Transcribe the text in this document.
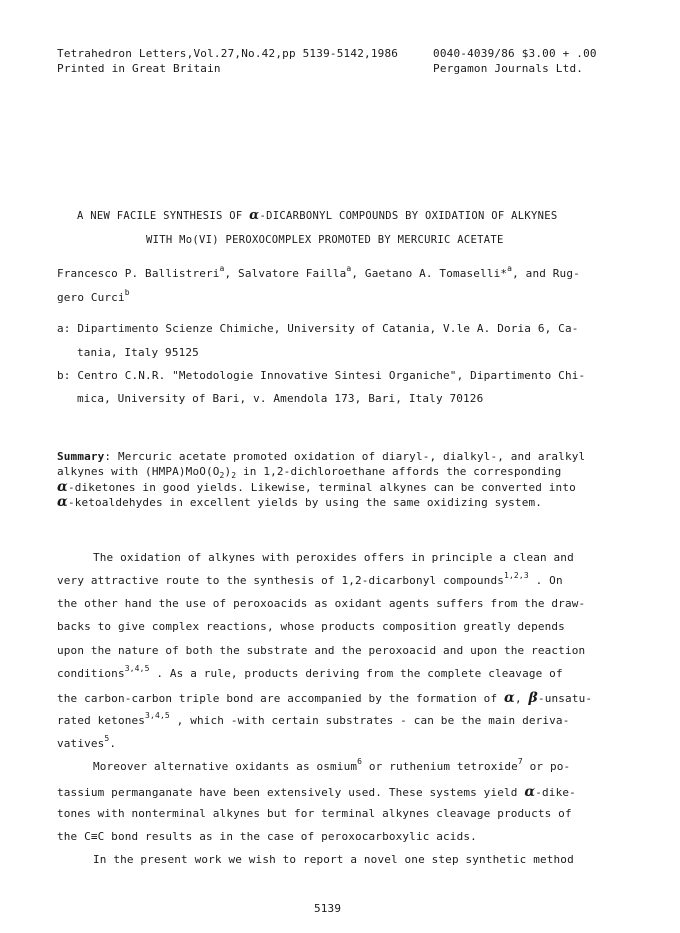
Tetrahedron Letters,Vol.27,No.42,pp 5139-5142,1986	0040-4039/86 $3.00 + .00
Printed in Great Britain	Pergamon Journals Ltd.
A NEW FACILE SYNTHESIS OF α-DICARBONYL COMPOUNDS BY OXIDATION OF ALKYNES
WITH Mo(VI) PEROXOCOMPLEX PROMOTED BY MERCURIC ACETATE
Francesco P. Ballistreri$^a$, Salvatore Failla$^a$, Gaetano A. Tomaselli*$^a$, and Rug-
gero Curci$^b$
a: Dipartimento Scienze Chimiche, University of Catania, V.le A. Doria 6, Ca-
tania, Italy 95125
b: Centro C.N.R. "Metodologie Innovative Sintesi Organiche", Dipartimento Chi-
mica, University of Bari, v. Amendola 173, Bari, Italy 70126
Summary: Mercuric acetate promoted oxidation of diaryl-, dialkyl-, and aralkyl
alkynes with $(HMPA)MoO(O_2)_2$ in 1,2-dichloroethane affords the corresponding
α-diketones in good yields. Likewise, terminal alkynes can be converted into
α-ketoaldehydes in excellent yields by using the same oxidizing system.
The oxidation of alkynes with peroxides offers in principle a clean and
very attractive route to the synthesis of 1,2-dicarbonyl compounds$^{1,2,3}$ . On
the other hand the use of peroxoacids as oxidant agents suffers from the draw-
backs to give complex reactions, whose products composition greatly depends
upon the nature of both the substrate and the peroxoacid and upon the reaction
conditions$^{3,4,5}$ . As a rule, products deriving from the complete cleavage of
the carbon-carbon triple bond are accompanied by the formation of α, β-unsatu-
rated ketones$^{3,4,5}$ , which -with certain substrates - can be the main deriva-
vatives$^5$.
Moreover alternative oxidants as osmium$^6$ or ruthenium tetroxide$^7$ or po-
tassium permanganate have been extensively used. These systems yield α-dike-
tones with nonterminal alkynes but for terminal alkynes cleavage products of
the C≡C bond results as in the case of peroxocarboxylic acids.
In the present work we wish to report a novel one step synthetic method
5139
